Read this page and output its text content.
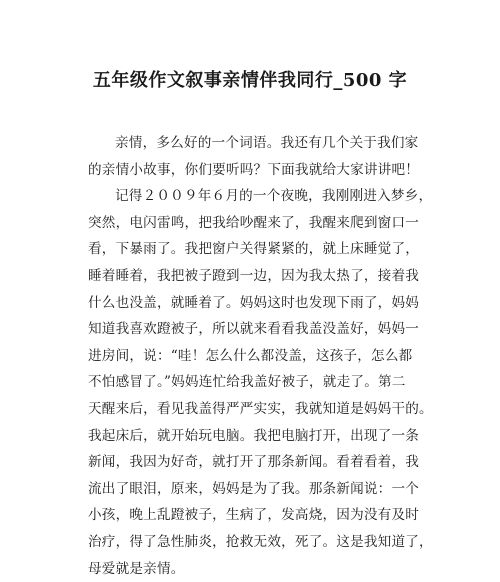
五年级作文叙事亲情伴我同行_500 字
亲情，多么好的一个词语。我还有几个关于我们家
的亲情小故事，你们要听吗？下面我就给大家讲讲吧！
记得２００９年６月的一个夜晚，我刚刚进入梦乡，
突然，电闪雷鸣，把我给吵醒来了，我醒来爬到窗口一
看，下暴雨了。我把窗户关得紧紧的，就上床睡觉了，
睡着睡着，我把被子蹬到一边，因为我太热了，接着我
什么也没盖，就睡着了。妈妈这时也发现下雨了，妈妈
知道我喜欢蹬被子，所以就来看看我盖没盖好，妈妈一
进房间，说：“哇！怎么什么都没盖，这孩子，怎么都
不怕感冒了。”妈妈连忙给我盖好被子，就走了。第二
天醒来后，看见我盖得严严实实，我就知道是妈妈干的。
我起床后，就开始玩电脑。我把电脑打开，出现了一条
新闻，我因为好奇，就打开了那条新闻。看着看着，我
流出了眼泪，原来，妈妈是为了我。那条新闻说：一个
小孩，晚上乱蹬被子，生病了，发高烧，因为没有及时
治疗，得了急性肺炎，抢救无效，死了。这是我知道了，
母爱就是亲情。
